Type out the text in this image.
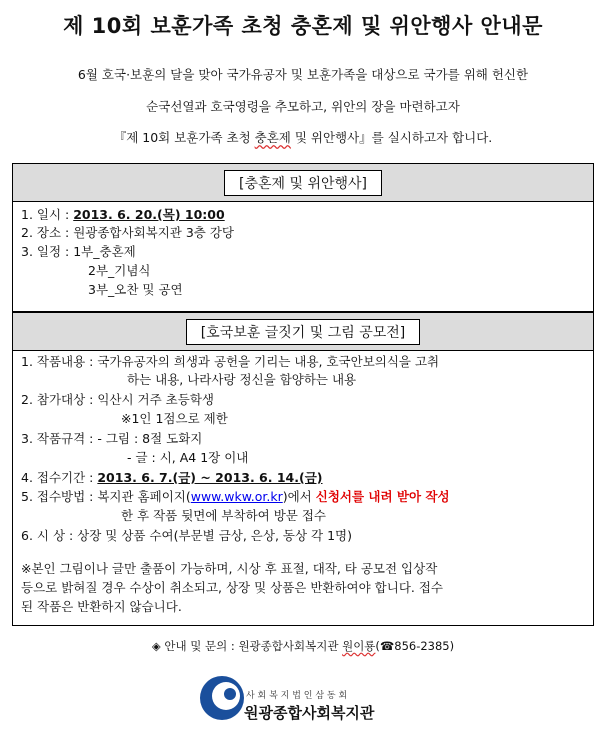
제 10회 보훈가족 초청 충혼제 및 위안행사 안내문
6월 호국·보훈의 달을 맞아 국가유공자 및 보훈가족을 대상으로 국가를 위해 헌신한
순국선열과 호국영령을 추모하고, 위안의 장을 마련하고자
『제 10회 보훈가족 초청 충혼제 및 위안행사』를 실시하고자 합니다.
[충혼제 및 위안행사]
1. 일시 : 2013. 6. 20.(목) 10:00
2. 장소 : 원광종합사회복지관 3층 강당
3. 일정 : 1부_충혼제
2부_기념식
3부_오찬 및 공연
[호국보훈 글짓기 및 그림 공모전]
1. 작품내용 : 국가유공자의 희생과 공헌을 기리는 내용, 호국안보의식을 고취
하는 내용, 나라사랑 정신을 함양하는 내용
2. 참가대상 : 익산시 거주 초등학생
※1인 1점으로 제한
3. 작품규격 : - 그림 : 8절 도화지
- 글 : 시, A4 1장 이내
4. 접수기간 : 2013. 6. 7.(금) ~ 2013. 6. 14.(금)
5. 접수방법 : 복지관 홈페이지(www.wkw.or.kr)에서 신청서를 내려 받아 작성
한 후 작품 뒷면에 부착하여 방문 접수
6. 시 상 : 상장 및 상품 수여(부문별 금상, 은상, 동상 각 1명)
※본인 그림이나 글만 출품이 가능하며, 시상 후 표절, 대작, 타 공모전 입상작
등으로 밝혀질 경우 수상이 취소되고, 상장 및 상품은 반환하여야 합니다. 접수
된 작품은 반환하지 않습니다.
◈ 안내 및 문의 : 원광종합사회복지관 원이룡(☎856-2385)
사 회 복 지 법 인 삼 동 회
원광종합사회복지관
